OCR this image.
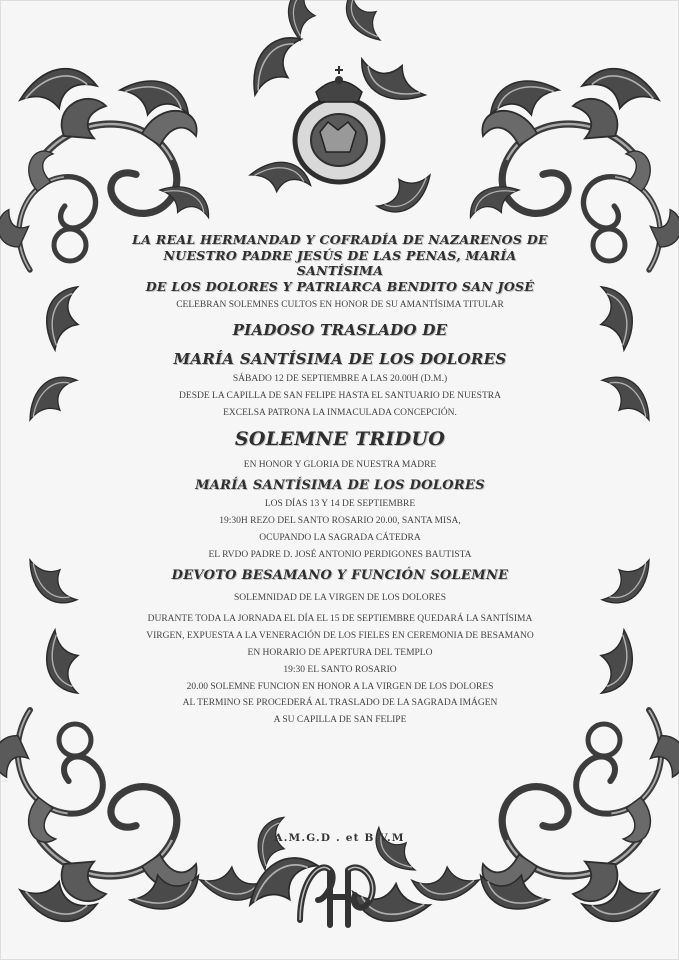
LA REAL HERMANDAD Y COFRADÍA DE NAZARENOS DE
NUESTRO PADRE JESÚS DE LAS PENAS, MARÍA SANTÍSIMA
DE LOS DOLORES Y PATRIARCA BENDITO SAN JOSÉ
CELEBRAN SOLEMNES CULTOS EN HONOR DE SU AMANTÍSIMA TITULAR
PIADOSO TRASLADO DE
MARÍA SANTÍSIMA DE LOS DOLORES
SÁBADO 12 DE SEPTIEMBRE A LAS 20.00H (D.M.)
DESDE LA CAPILLA DE SAN FELIPE HASTA EL SANTUARIO DE NUESTRA
EXCELSA PATRONA LA INMACULADA CONCEPCIÓN.
SOLEMNE TRIDUO
EN HONOR Y GLORIA DE NUESTRA MADRE
MARÍA SANTÍSIMA DE LOS DOLORES
LOS DÍAS 13 Y 14 DE SEPTIEMBRE
19:30H REZO DEL SANTO ROSARIO 20.00, SANTA MISA,
OCUPANDO LA SAGRADA CÁTEDRA
EL RVDO PADRE D. JOSÉ ANTONIO PERDIGONES BAUTISTA
DEVOTO BESAMANO Y FUNCIÓN SOLEMNE
SOLEMNIDAD DE LA VIRGEN DE LOS DOLORES
DURANTE TODA LA JORNADA EL DÍA EL 15 DE SEPTIEMBRE QUEDARÁ LA SANTÍSIMA
VIRGEN, EXPUESTA A LA VENERACIÓN DE LOS FIELES EN CEREMONIA DE BESAMANO
EN HORARIO DE APERTURA DEL TEMPLO
19:30 EL SANTO ROSARIO
20.00 SOLEMNE FUNCION EN HONOR A LA VIRGEN DE LOS DOLORES
AL TERMINO SE PROCEDERÁ AL TRASLADO DE LA SAGRADA IMÁGEN
A SU CAPILLA DE SAN FELIPE
A.M.G.D . et B.V.M
